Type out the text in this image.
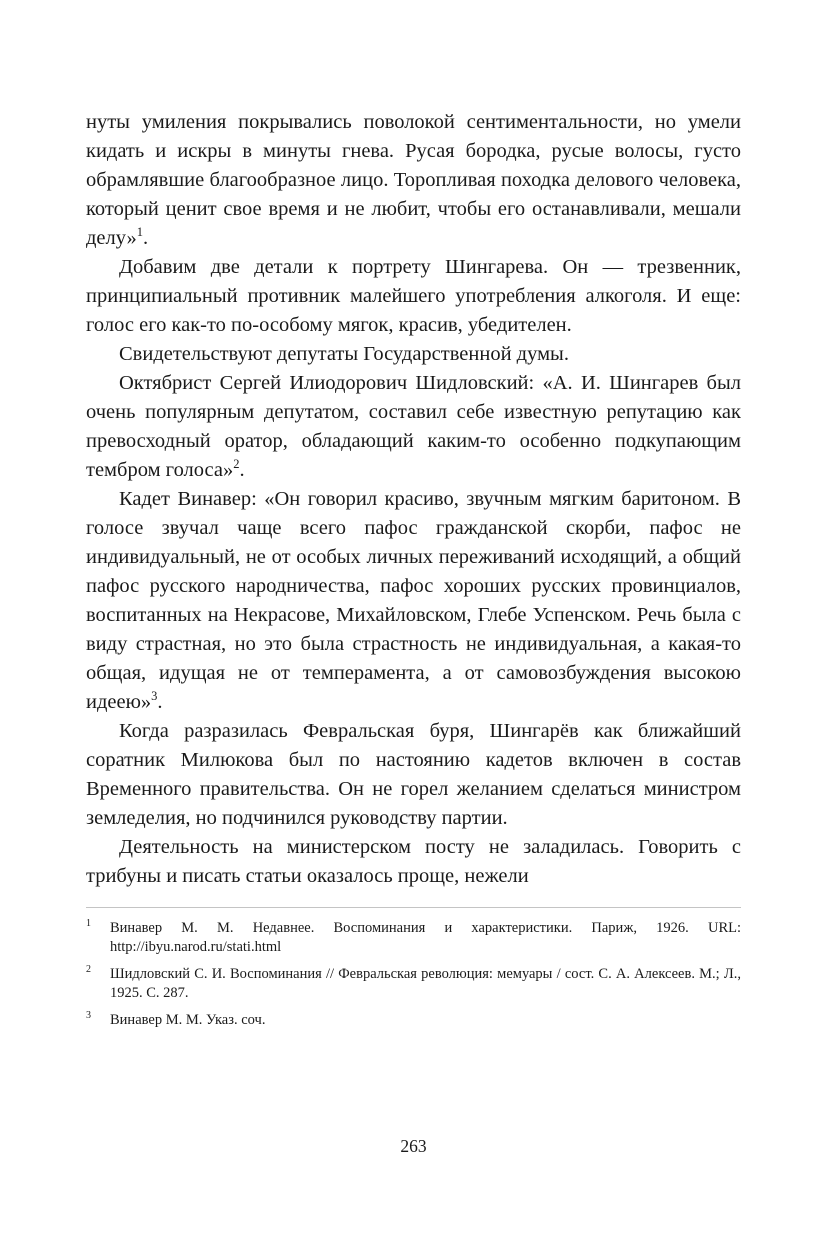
нуты умиления покрывались поволокой сентиментальности, но умели кидать и искры в минуты гнева. Русая бородка, русые волосы, густо обрамлявшие благообразное лицо. Торопливая походка делового человека, который ценит свое время и не любит, чтобы его останавливали, мешали делу»$^1$.

Добавим две детали к портрету Шингарева. Он — трезвенник, принципиальный противник малейшего употребления алкоголя. И еще: голос его как-то по-особому мягок, красив, убедителен.

Свидетельствуют депутаты Государственной думы.

Октябрист Сергей Илиодорович Шидловский: «А. И. Шингарев был очень популярным депутатом, составил себе известную репутацию как превосходный оратор, обладающий каким-то особенно подкупающим тембром голоса»$^2$.

Кадет Винавер: «Он говорил красиво, звучным мягким баритоном. В голосе звучал чаще всего пафос гражданской скорби, пафос не индивидуальный, не от особых личных переживаний исходящий, а общий пафос русского народничества, пафос хороших русских провинциалов, воспитанных на Некрасове, Михайловском, Глебе Успенском. Речь была с виду страстная, но это была страстность не индивидуальная, а какая-то общая, идущая не от темперамента, а от самовозбуждения высокою идеею»$^3$.

Когда разразилась Февральская буря, Шингарёв как ближайший соратник Милюкова был по настоянию кадетов включен в состав Временного правительства. Он не горел желанием сделаться министром земледелия, но подчинился руководству партии.

Деятельность на министерском посту не заладилась. Говорить с трибуны и писать статьи оказалось проще, нежели

$^1$	Винавер М. М. Недавнее. Воспоминания и характеристики. Париж, 1926. URL: http://ibyu.narod.ru/stati.html
$^2$	Шидловский С. И. Воспоминания // Февральская революция: мемуары / сост. С. А. Алексеев. М.; Л., 1925. С. 287.
$^3$	Винавер М. М. Указ. соч.
263
